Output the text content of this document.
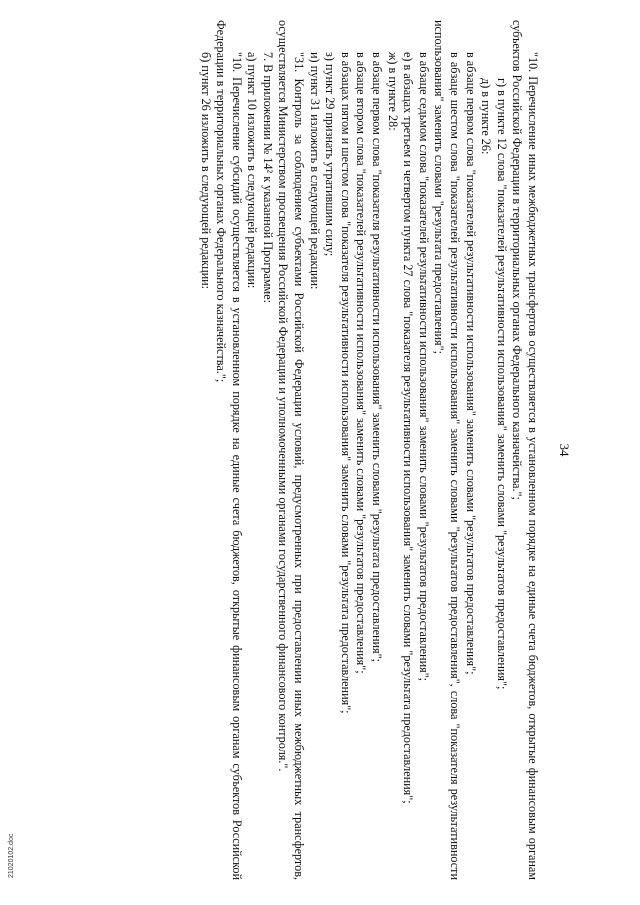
34

"10. Перечисление иных межбюджетных трансфертов осуществляется в установленном порядке на единые счета бюджетов, открытые финансовым органам субъектов Российской Федерации в территориальных органах Федерального казначейства.";

г) в пункте 12 слова "показателей результативности использования" заменить словами "результатов предоставления";

д) в пункте 26:

в абзаце первом слова "показателей результативности использования" заменить словами "результатов предоставления";

в абзаце шестом слова "показателей результативности использования" заменить словами "результатов предоставления", слова "показателя результативности использования" заменить словами "результата предоставления";

в абзаце седьмом слова "показателей результативности использования" заменить словами "результатов предоставления";

е) в абзацах третьем и четвертом пункта 27 слова "показателя результативности использования" заменить словами "результата предоставления";

ж) в пункте 28:

в абзаце первом слова "показателя результативности использования" заменить словами "результата предоставления";

в абзаце втором слова "показателей результативности использования" заменить словами "результатов предоставления";

в абзацах пятом и шестом слова "показателя результативности использования" заменить словами "результата предоставления";

з) пункт 29 признать утратившим силу;

и) пункт 31 изложить в следующей редакции:

"31. Контроль за соблюдением субъектами Российской Федерации условий, предусмотренных при предоставлении иных межбюджетных трансфертов, осуществляется Министерством просвещения Российской Федерации и уполномоченными органами государственного финансового контроля.".

7. В приложении № 14² к указанной Программе:

а) пункт 10 изложить в следующей редакции:

"10. Перечисление субсидий осуществляется в установленном порядке на единые счета бюджетов, открытые финансовым органам субъектов Российской Федерации в территориальных органах Федерального казначейства.";

б) пункт 26 изложить в следующей редакции:

21020102.doc
